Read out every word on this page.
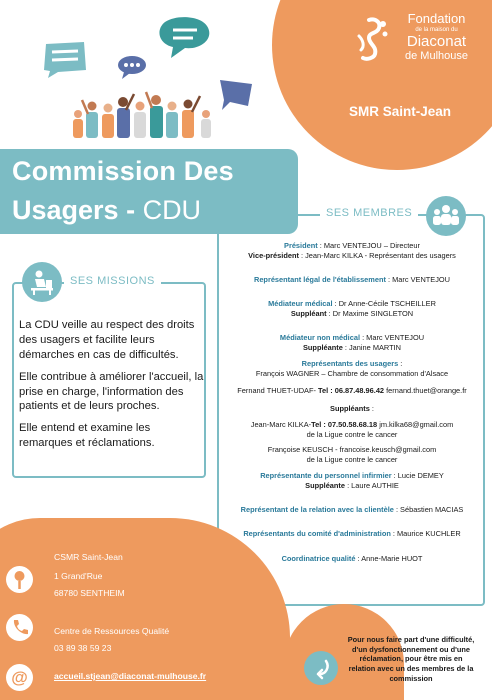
Fondation
de la maison du
Diaconat
de Mulhouse
SMR Saint-Jean
Commission Des
Usagers - CDU	SES MEMBRES
Président : Marc VENTEJOU – Directeur
Vice-président : Jean-Marc KILKA - Représentant des usagers
Représentant légal de l'établissement : Marc VENTEJOU
Médiateur médical : Dr Anne-Cécile TSCHEILLER
Suppléant : Dr Maxime SINGLETON
Médiateur non médical : Marc VENTEJOU
Suppléante : Janine MARTIN
Représentants des usagers :
François WAGNER – Chambre de consommation d'Alsace
Fernand THUET-UDAF- Tel : 06.87.48.96.42 fernand.thuet@orange.fr
Suppléants :
Jean-Marc KILKA-Tel : 07.50.58.68.18 jm.kilka68@gmail.com
de la Ligue contre le cancer
Françoise KEUSCH - francoise.keusch@gmail.com
de la Ligue contre le cancer
Représentante du personnel infirmier : Lucie DEMEY
Suppléante : Laure AUTHIE
Représentant de la relation avec la clientèle : Sébastien MACIAS
Représentants du comité d'administration : Maurice KUCHLER
Coordinatrice qualité : Anne-Marie HUOT
SES MISSIONS

La CDU veille au respect des droits des usagers et facilite leurs démarches en cas de difficultés.

Elle contribue à améliorer l'accueil, la prise en charge, l'information des patients et de leurs proches.

Elle entend et examine les remarques et réclamations.

CSMR Saint-Jean
1 Grand'Rue
68780 SENTHEIM
Centre de Ressources Qualité
03 89 38 59 23
@	accueil.stjean@diaconat-mulhouse.fr
Pour nous faire part d'une difficulté, d'un dysfonctionnement ou d'une réclamation, pour être mis en relation avec un des membres de la commission
